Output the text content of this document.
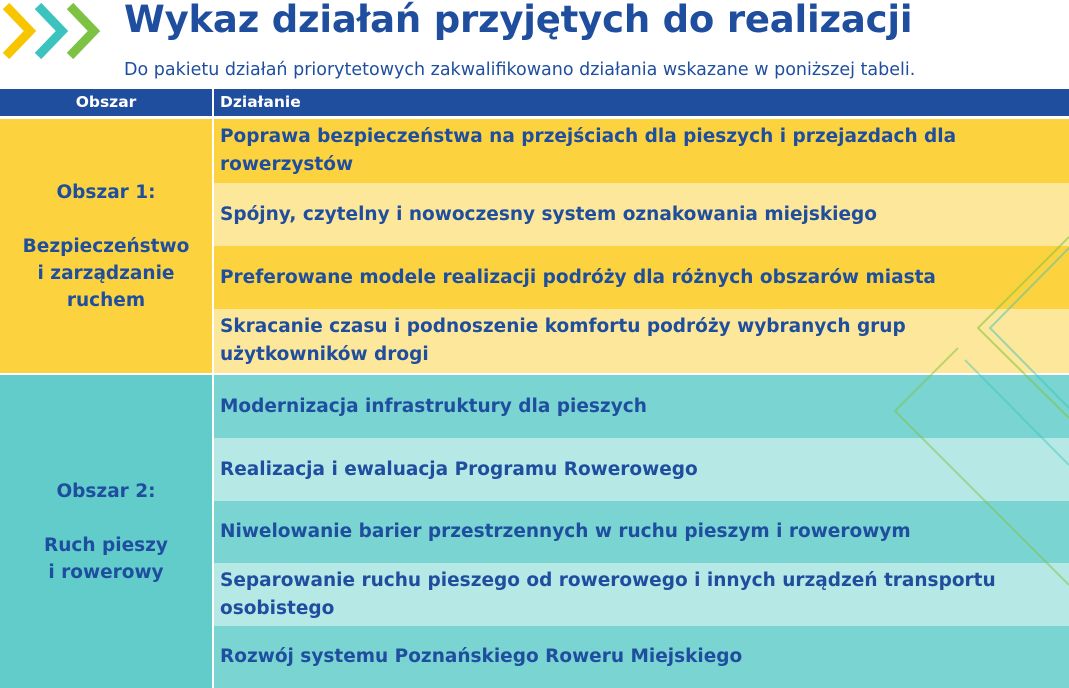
Wykaz działań przyjętych do realizacji
Do pakietu działań priorytetowych zakwalifikowano działania wskazane w poniższej tabeli.
Obszar	Działanie
Obszar 1:
Bezpieczeństwo
i zarządzanie
ruchem
Poprawa bezpieczeństwa na przejściach dla pieszych i przejazdach dla rowerzystów
Spójny, czytelny i nowoczesny system oznakowania miejskiego
Preferowane modele realizacji podróży dla różnych obszarów miasta
Skracanie czasu i podnoszenie komfortu podróży wybranych grup użytkowników drogi
Obszar 2:
Ruch pieszy
i rowerowy
Modernizacja infrastruktury dla pieszych
Realizacja i ewaluacja Programu Rowerowego
Niwelowanie barier przestrzennych w ruchu pieszym i rowerowym
Separowanie ruchu pieszego od rowerowego i innych urządzeń transportu osobistego
Rozwój systemu Poznańskiego Roweru Miejskiego
